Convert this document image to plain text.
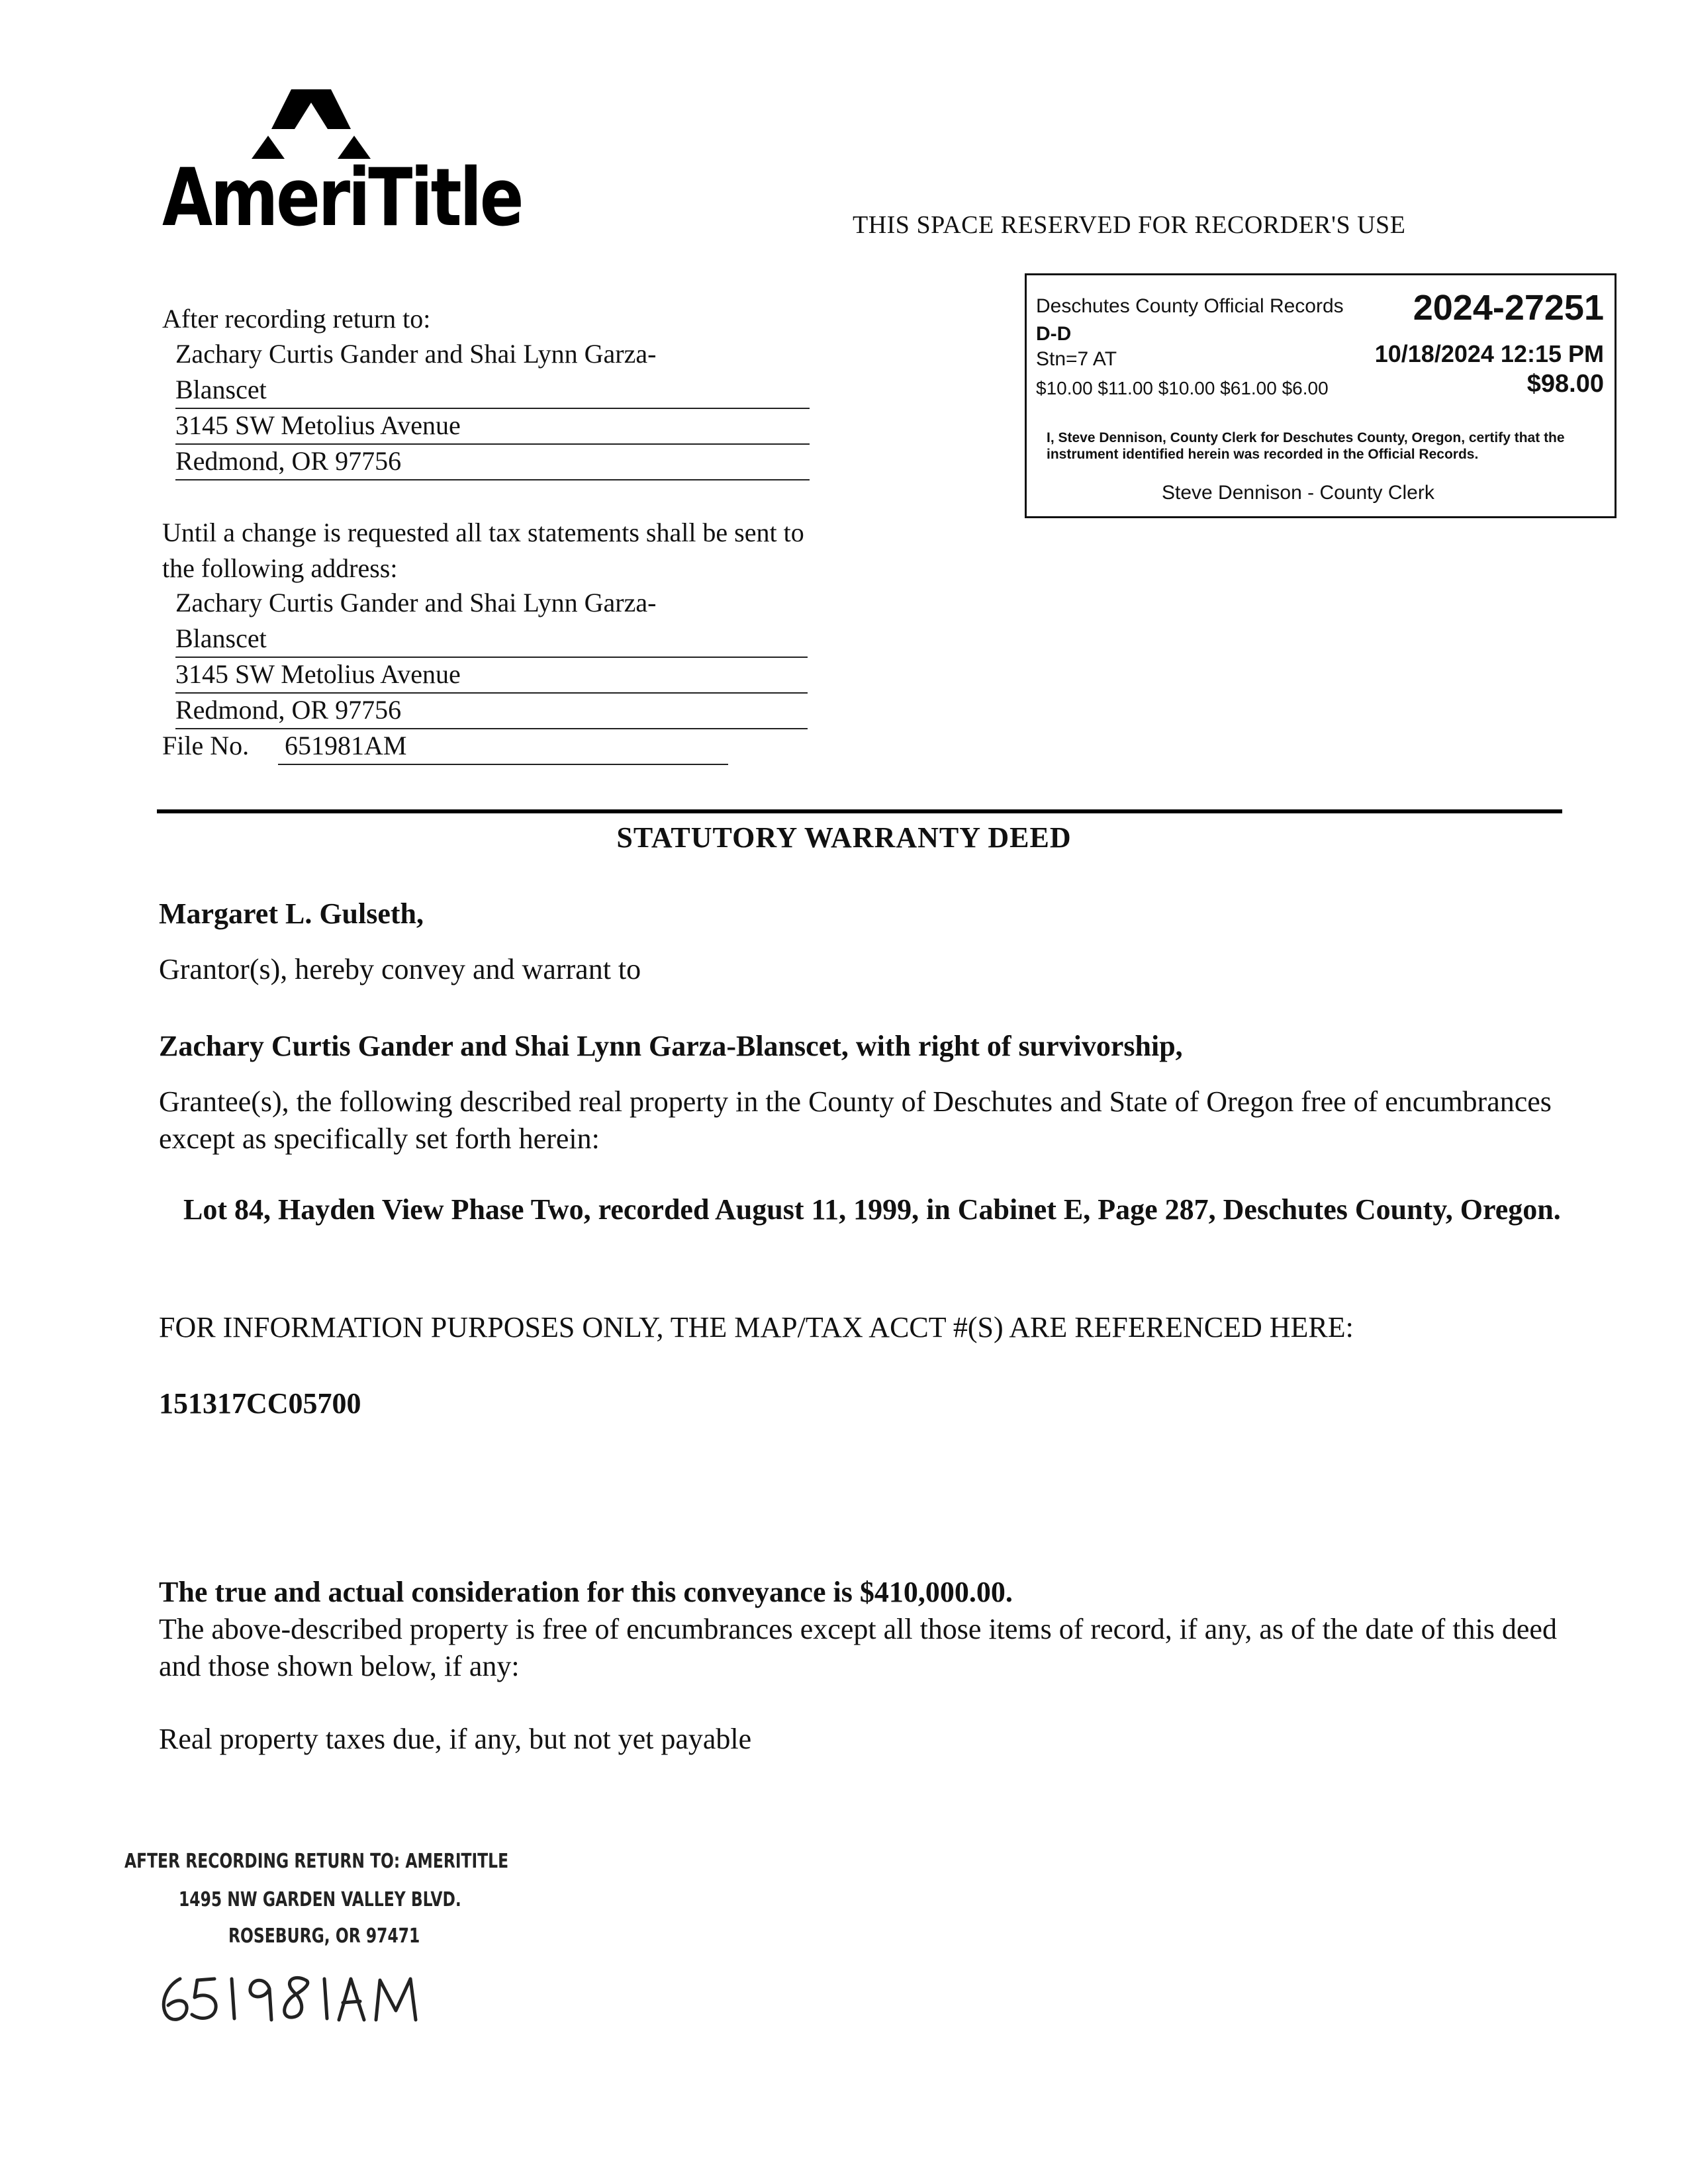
AmeriTitle	THIS SPACE RESERVED FOR RECORDER'S USE
Deschutes County Official Records 2024-27251
D-D
Stn=7 AT	10/18/2024 12:15 PM
$10.00 $11.00 $10.00 $61.00 $6.00	$98.00
I, Steve Dennison, County Clerk for Deschutes County, Oregon, certify that the instrument identified herein was recorded in the Official Records.
Steve Dennison - County Clerk
After recording return to:
Zachary Curtis Gander and Shai Lynn Garza-
Blanscet
3145 SW Metolius Avenue
Redmond, OR 97756
Until a change is requested all tax statements shall be sent to the following address:
Zachary Curtis Gander and Shai Lynn Garza-
Blanscet
3145 SW Metolius Avenue
Redmond, OR 97756
File No. 651981AM
STATUTORY WARRANTY DEED
Margaret L. Gulseth,
Grantor(s), hereby convey and warrant to
Zachary Curtis Gander and Shai Lynn Garza-Blanscet, with right of survivorship,
Grantee(s), the following described real property in the County of Deschutes and State of Oregon free of encumbrances except as specifically set forth herein:
Lot 84, Hayden View Phase Two, recorded August 11, 1999, in Cabinet E, Page 287, Deschutes County, Oregon.
FOR INFORMATION PURPOSES ONLY, THE MAP/TAX ACCT #(S) ARE REFERENCED HERE:
151317CC05700
The true and actual consideration for this conveyance is $410,000.00.
The above-described property is free of encumbrances except all those items of record, if any, as of the date of this deed and those shown below, if any:
Real property taxes due, if any, but not yet payable
AFTER RECORDING RETURN TO: AMERITITLE
1495 NW GARDEN VALLEY BLVD.
ROSEBURG, OR 97471
